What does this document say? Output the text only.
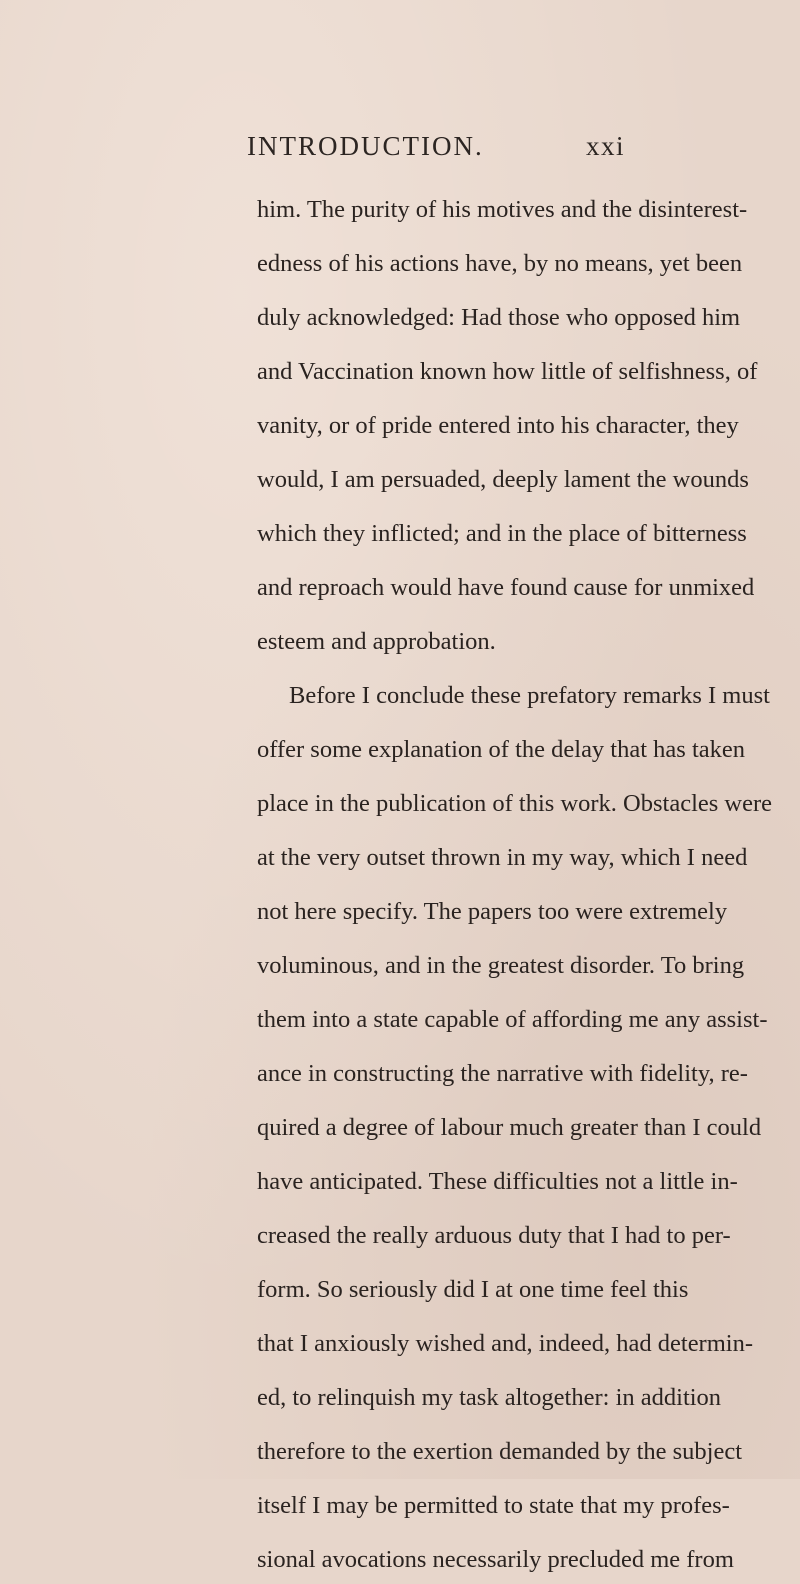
INTRODUCTION.	xxi
him. The purity of his motives and the disinterest-
edness of his actions have, by no means, yet been
duly acknowledged: Had those who opposed him
and Vaccination known how little of selfishness, of
vanity, or of pride entered into his character, they
would, I am persuaded, deeply lament the wounds
which they inflicted; and in the place of bitterness
and reproach would have found cause for unmixed
esteem and approbation.
Before I conclude these prefatory remarks I must
offer some explanation of the delay that has taken
place in the publication of this work. Obstacles were
at the very outset thrown in my way, which I need
not here specify. The papers too were extremely
voluminous, and in the greatest disorder. To bring
them into a state capable of affording me any assist-
ance in constructing the narrative with fidelity, re-
quired a degree of labour much greater than I could
have anticipated. These difficulties not a little in-
creased the really arduous duty that I had to per-
form. So seriously did I at one time feel this
that I anxiously wished and, indeed, had determin-
ed, to relinquish my task altogether: in addition
therefore to the exertion demanded by the subject
itself I may be permitted to state that my profes-
sional avocations necessarily precluded me from
